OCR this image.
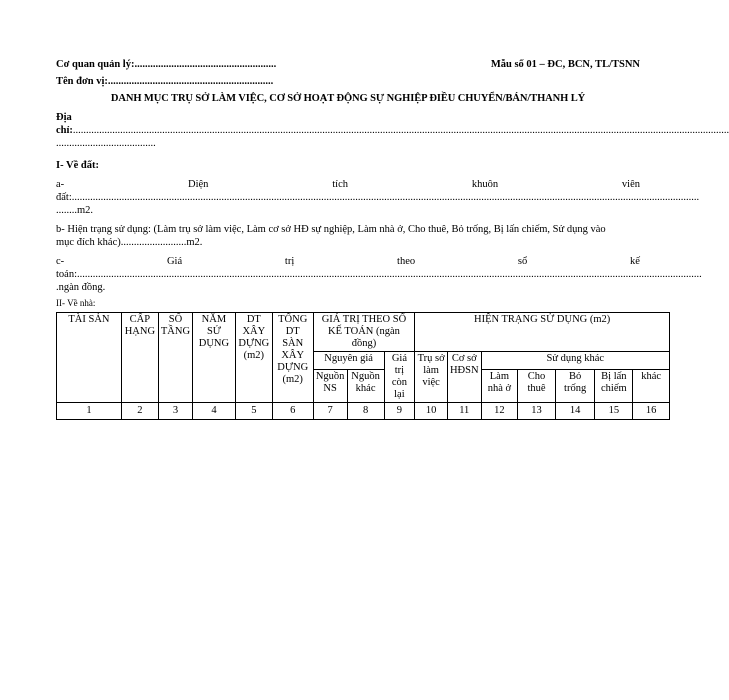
Cơ quan quản lý:......................................................	Mẫu số 01 – ĐC, BCN, TL/TSNN
Tên đơn vị:...............................................................
DANH MỤC TRỤ SỞ LÀM VIỆC, CƠ SỞ HOẠT ĐỘNG SỰ NGHIỆP ĐIỀU CHUYỂN/BÁN/THANH LÝ
Địa
chỉ:..........................................................................................................................................................................................................................................................
......................................
I- Về đất:
a-	Diện	tích	khuôn	viên
đất:...............................................................................................................................................................................................................................................
........m2.
b- Hiện trạng sử dụng: (Làm trụ sở làm việc, Làm cơ sở HĐ sự nghiệp, Làm nhà ở, Cho thuê, Bỏ trống, Bị lấn chiếm, Sử dụng vào
mục đích khác).........................m2.
c-	Giá	trị	theo	sổ	kế
toán:..............................................................................................................................................................................................................................................
.ngàn đồng.
II- Về nhà:
TÀI SẢN	CẤP HẠNG	SỐ TẦNG	NĂM SỬ DỤNG	DT XÂY DỰNG (m2)	TỔNG DT SÀN XÂY DỰNG (m2)	GIÁ TRỊ THEO SỔ KẾ TOÁN (ngàn đồng)			HIỆN TRẠNG SỬ DỤNG (m2)						
						Nguyên giá		Giá trị còn lại	Trụ sở làm việc	Cơ sở HĐSN	Sử dụng khác				
						Nguồn NS	Nguồn khác				Làm nhà ở	Cho thuê	Bỏ trống	Bị lấn chiếm	khác
1	2	3	4	5	6	7	8	9	10	11	12	13	14	15	16
